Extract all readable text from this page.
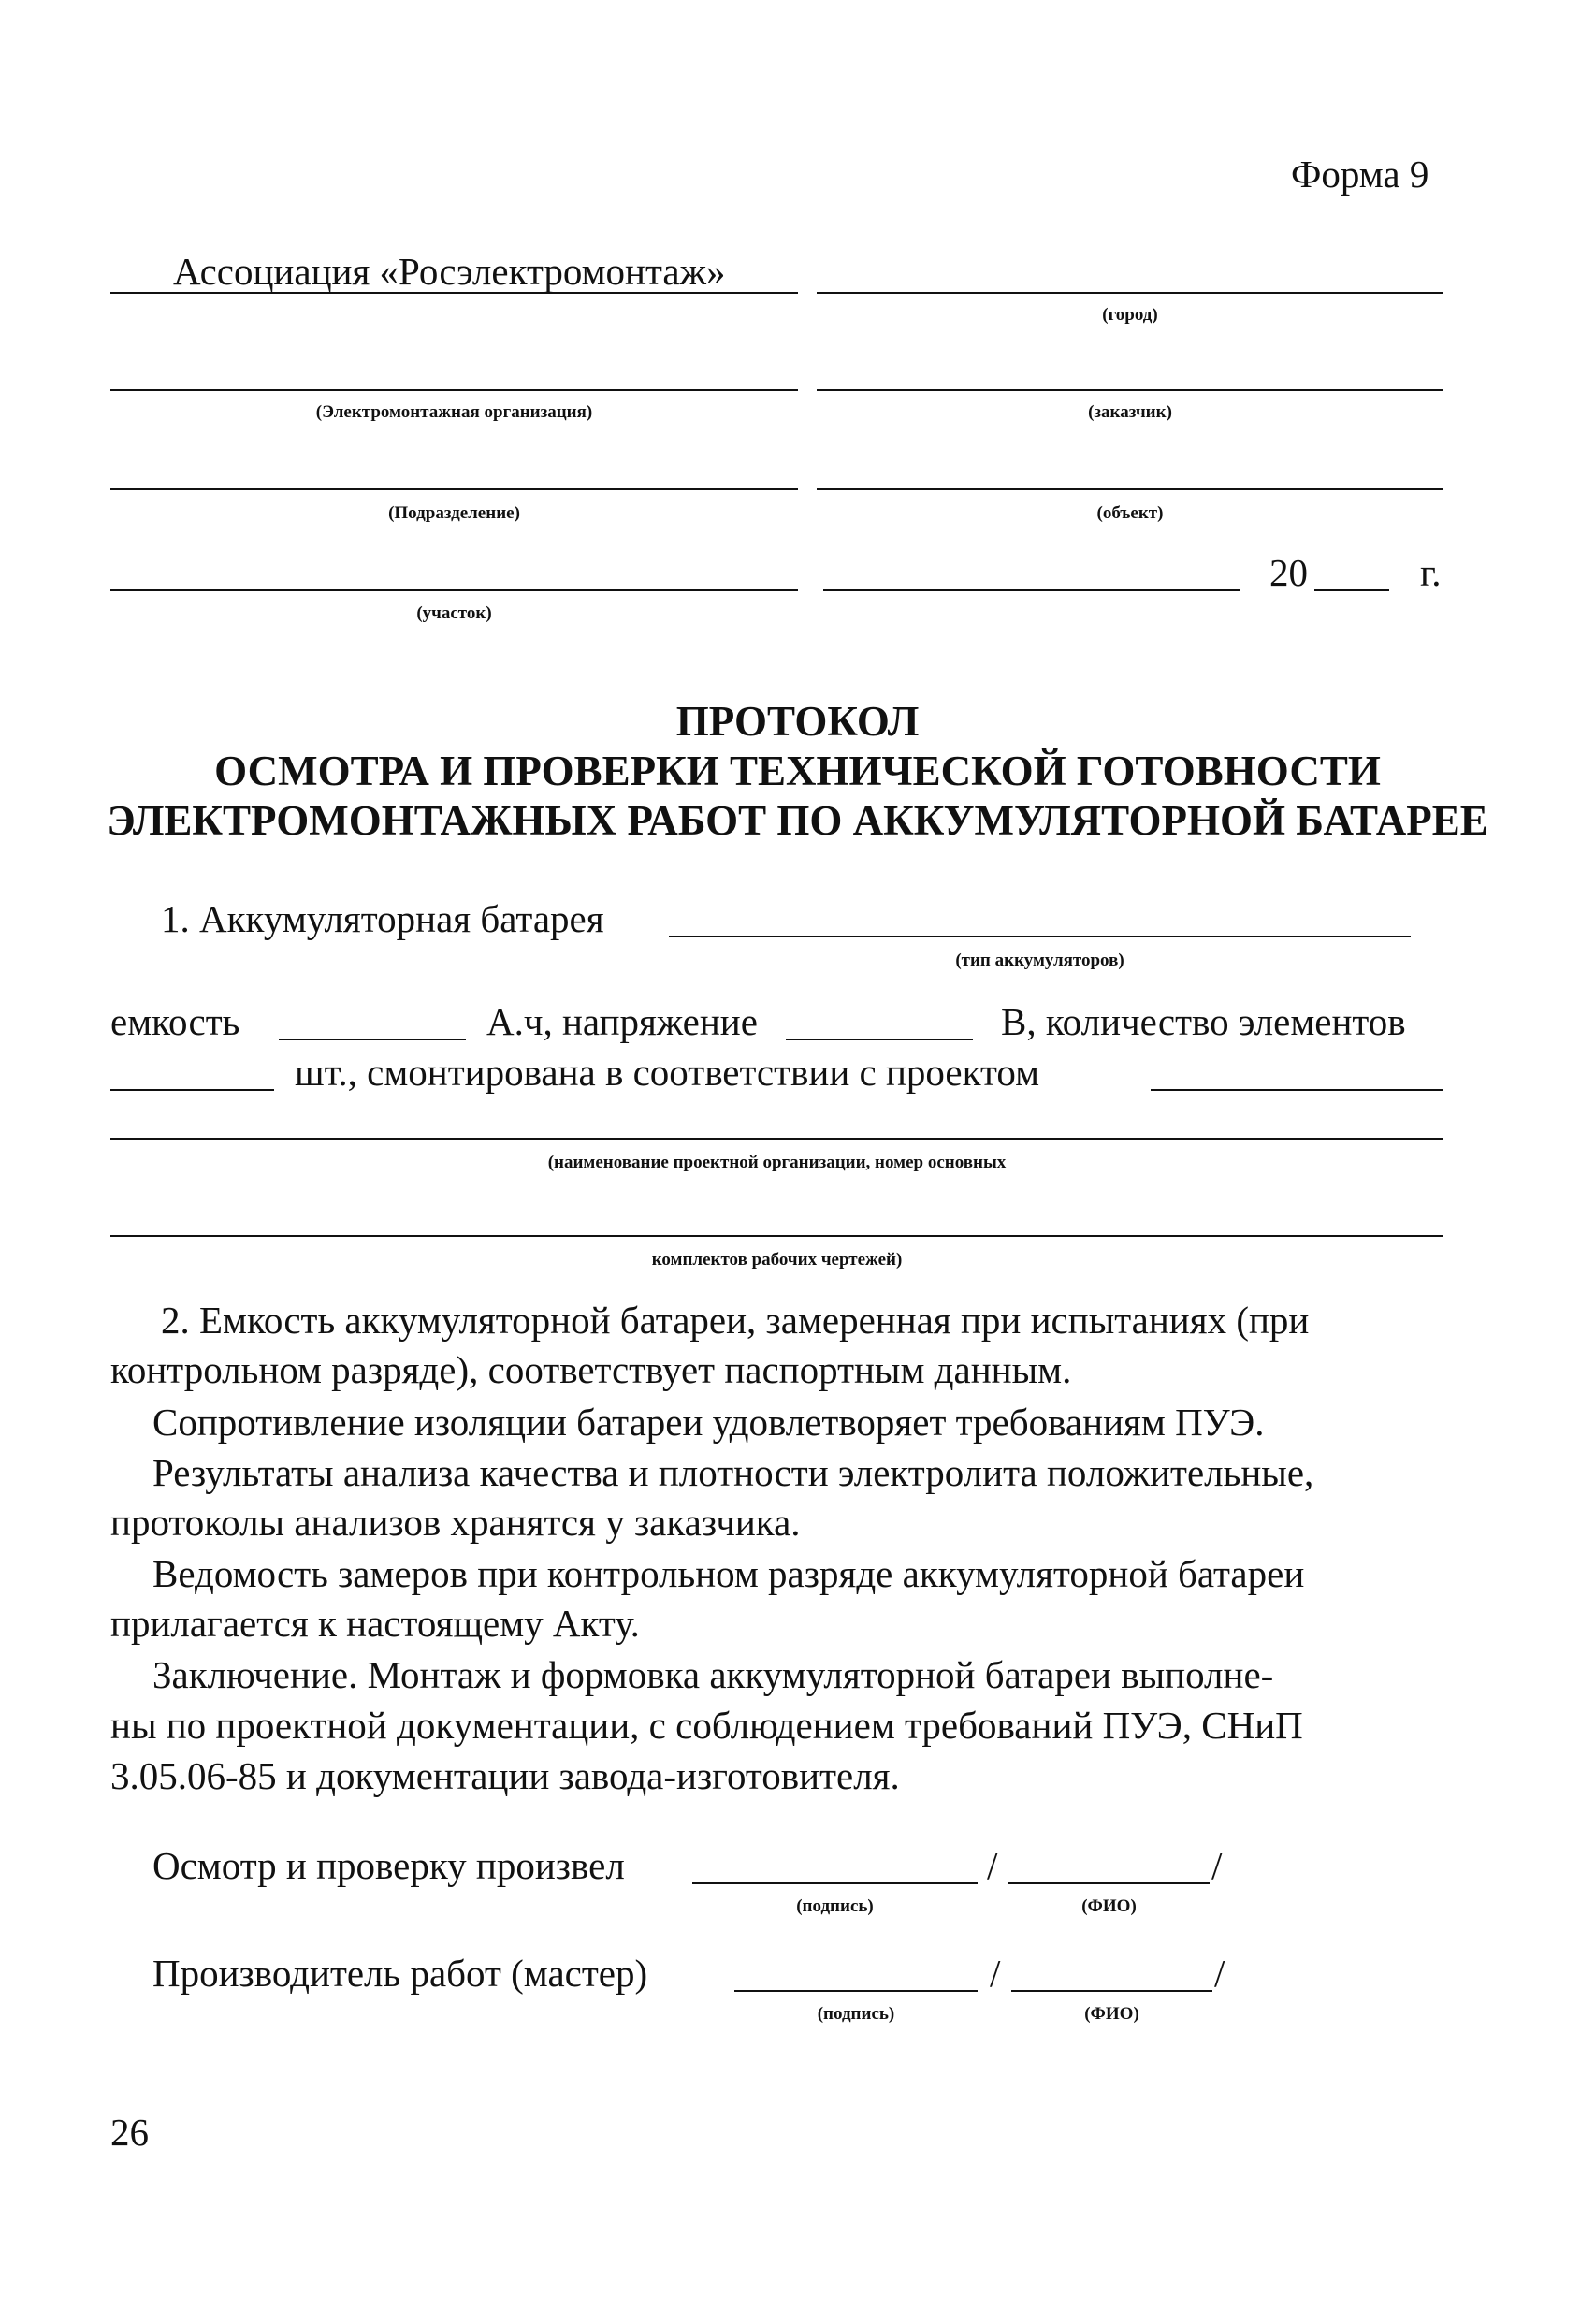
Форма 9
Ассоциация «Росэлектромонтаж»
(город)
(Электромонтажная организация)	(заказчик)
(Подразделение)	(объект)
(участок)
20	г.
ПРОТОКОЛ
ОСМОТРА И ПРОВЕРКИ ТЕХНИЧЕСКОЙ ГОТОВНОСТИ
ЭЛЕКТРОМОНТАЖНЫХ РАБОТ ПО АККУМУЛЯТОРНОЙ БАТАРЕЕ
1. Аккумуляторная батарея
(тип аккумуляторов)
емкость	А.ч, напряжение	В, количество элементов
шт., смонтирована в соответствии с проектом
(наименование проектной организации, номер основных
комплектов рабочих чертежей)
2. Емкость аккумуляторной батареи, замеренная при испытаниях (при
контрольном разряде), соответствует паспортным данным.
Сопротивление изоляции батареи удовлетворяет требованиям ПУЭ.
Результаты анализа качества и плотности электролита положительные,
протоколы анализов хранятся у заказчика.
Ведомость замеров при контрольном разряде аккумуляторной батареи
прилагается к настоящему Акту.
Заключение. Монтаж и формовка аккумуляторной батареи выполне-
ны по проектной документации, с соблюдением требований ПУЭ, СНиП
3.05.06-85 и документации завода-изготовителя.
Осмотр и проверку произвел	/	/
(подпись)	(ФИО)
Производитель работ (мастер)	/	/
(подпись)	(ФИО)
26
